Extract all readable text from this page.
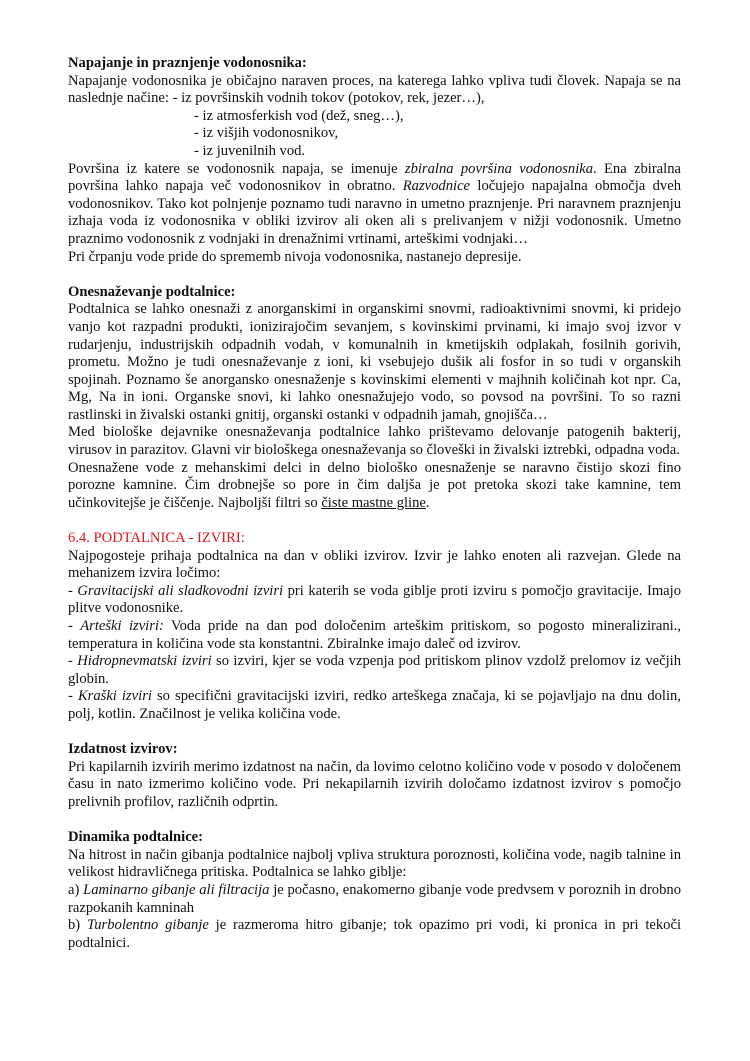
Napajanje in praznjenje vodonosnika:

Napajanje vodonosnika je običajno naraven proces, na katerega lahko vpliva tudi človek. Napaja se na naslednje načine: - iz površinskih vodnih tokov (potokov, rek, jezer…),

- iz atmosferkish vod (dež, sneg…),
- iz višjih vodonosnikov,
- iz juvenilnih vod.

Površina iz katere se vodonosnik napaja, se imenuje zbiralna površina vodonosnika. Ena zbiralna površina lahko napaja več vodonosnikov in obratno. Razvodnice ločujejo napajalna območja dveh vodonosnikov. Tako kot polnjenje poznamo tudi naravno in umetno praznjenje. Pri naravnem praznjenju izhaja voda iz vodonosnika v obliki izvirov ali oken ali s prelivanjem v nižji vodonosnik. Umetno praznimo vodonosnik z vodnjaki in drenažnimi vrtinami, arteškimi vodnjaki…

Pri črpanju vode pride do sprememb nivoja vodonosnika, nastanejo depresije.

Onesnaževanje podtalnice:

Podtalnica se lahko onesnaži z anorganskimi in organskimi snovmi, radioaktivnimi snovmi, ki pridejo vanjo kot razpadni produkti, ionizirajočim sevanjem, s kovinskimi prvinami, ki imajo svoj izvor v rudarjenju, industrijskih odpadnih vodah, v komunalnih in kmetijskih odplakah, fosilnih gorivih, prometu. Možno je tudi onesnaževanje z ioni, ki vsebujejo dušik ali fosfor in so tudi v organskih spojinah. Poznamo še anorgansko onesnaženje s kovinskimi elementi v majhnih količinah kot npr. Ca, Mg, Na in ioni. Organske snovi, ki lahko onesnažujejo vodo, so povsod na površini. To so razni rastlinski in živalski ostanki gnitij, organski ostanki v odpadnih jamah, gnojišča…

Med biološke dejavnike onesnaževanja podtalnice lahko prištevamo delovanje patogenih bakterij, virusov in parazitov. Glavni vir biološkega onesnaževanja so človeški in živalski iztrebki, odpadna voda.

Onesnažene vode z mehanskimi delci in delno biološko onesnaženje se naravno čistijo skozi fino porozne kamnine. Čim drobnejše so pore in čim daljša je pot pretoka skozi take kamnine, tem učinkovitejše je čiščenje. Najboljši filtri so čiste mastne gline.

6.4. PODTALNICA - IZVIRI:

Najpogosteje prihaja podtalnica na dan v obliki izvirov. Izvir je lahko enoten ali razvejan. Glede na mehanizem izvira ločimo:

- Gravitacijski ali sladkovodni izviri pri katerih se voda giblje proti izviru s pomočjo gravitacije. Imajo plitve vodonosnike.

- Arteški izviri: Voda pride na dan pod določenim arteškim pritiskom, so pogosto mineralizirani., temperatura in količina vode sta konstantni. Zbiralnke imajo daleč od izvirov.

- Hidropnevmatski izviri so izviri, kjer se voda vzpenja pod pritiskom plinov vzdolž prelomov iz večjih globin.

- Kraški izviri so specifični gravitacijski izviri, redko arteškega značaja, ki se pojavljajo na dnu dolin, polj, kotlin. Značilnost je velika količina vode.

Izdatnost izvirov:

Pri kapilarnih izvirih merimo izdatnost na način, da lovimo celotno količino vode v posodo v določenem času in nato izmerimo količino vode. Pri nekapilarnih izvirih določamo izdatnost izvirov s pomočjo prelivnih profilov, različnih odprtin.

Dinamika podtalnice:

Na hitrost in način gibanja podtalnice najbolj vpliva struktura poroznosti, količina vode, nagib talnine in velikost hidravličnega pritiska. Podtalnica se lahko giblje:

a) Laminarno gibanje ali filtracija je počasno, enakomerno gibanje vode predvsem v poroznih in drobno razpokanih kamninah

b) Turbolentno gibanje je razmeroma hitro gibanje; tok opazimo pri vodi, ki pronica in pri tekoči podtalnici.
